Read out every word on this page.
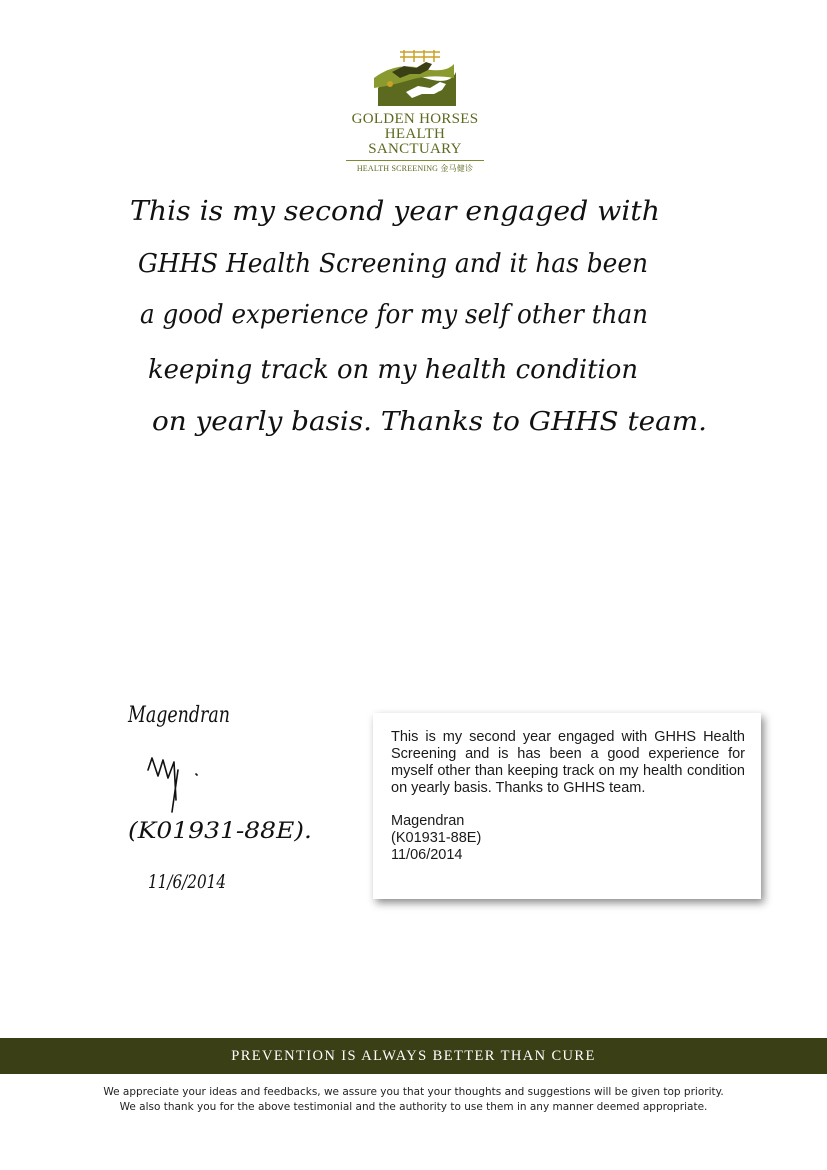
GOLDEN HORSES
HEALTH SANCTUARY
HEALTH SCREENING 金马健诊
TM
This is my second year engaged with
GHHS Health Screening and it has been
a good experience for my self other than
keeping track on my health condition
on yearly basis. Thanks to GHHS team.
Magendran
(K01931-88E).
11/6/2014

This is my second year engaged with GHHS Health Screening and is has been a good experience for myself other than keeping track on my health condition on yearly basis. Thanks to GHHS team.

Magendran
(K01931-88E)
11/06/2014
PREVENTION IS ALWAYS BETTER THAN CURE
We appreciate your ideas and feedbacks, we assure you that your thoughts and suggestions will be given top priority.
We also thank you for the above testimonial and the authority to use them in any manner deemed appropriate.
